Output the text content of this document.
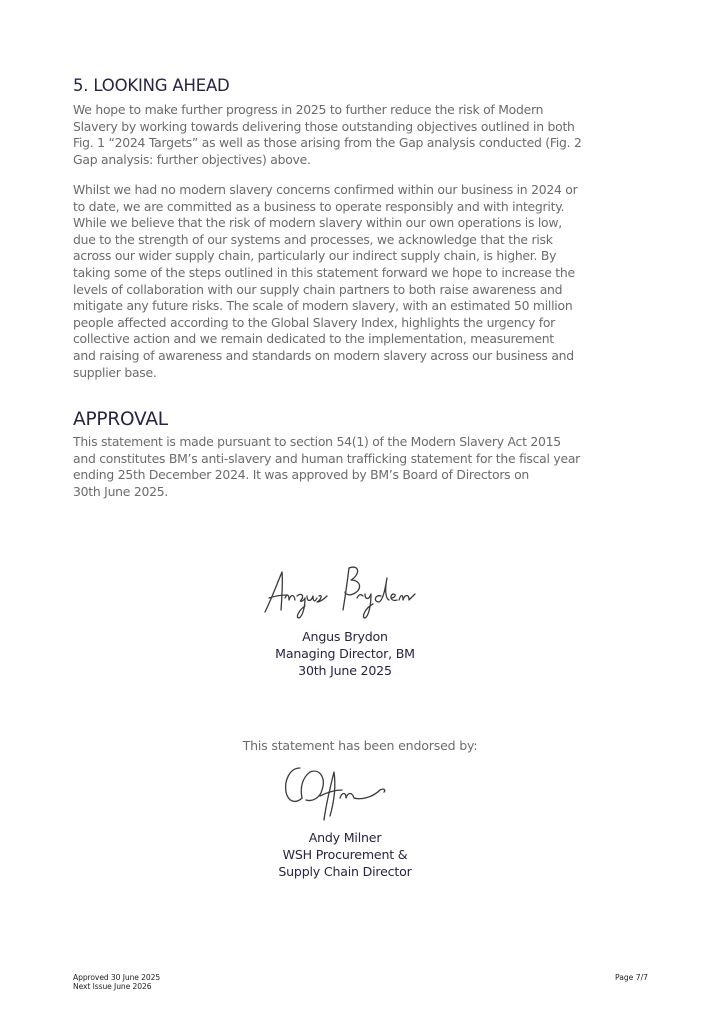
5. LOOKING AHEAD

We hope to make further progress in 2025 to further reduce the risk of Modern
Slavery by working towards delivering those outstanding objectives outlined in both
Fig. 1 “2024 Targets” as well as those arising from the Gap analysis conducted (Fig. 2
Gap analysis: further objectives) above.

Whilst we had no modern slavery concerns confirmed within our business in 2024 or
to date, we are committed as a business to operate responsibly and with integrity.
While we believe that the risk of modern slavery within our own operations is low,
due to the strength of our systems and processes, we acknowledge that the risk
across our wider supply chain, particularly our indirect supply chain, is higher. By
taking some of the steps outlined in this statement forward we hope to increase the
levels of collaboration with our supply chain partners to both raise awareness and
mitigate any future risks. The scale of modern slavery, with an estimated 50 million
people affected according to the Global Slavery Index, highlights the urgency for
collective action and we remain dedicated to the implementation, measurement
and raising of awareness and standards on modern slavery across our business and
supplier base.

APPROVAL

This statement is made pursuant to section 54(1) of the Modern Slavery Act 2015
and constitutes BM’s anti-slavery and human trafficking statement for the fiscal year
ending 25th December 2024. It was approved by BM’s Board of Directors on
30th June 2025.

Angus Brydon
Managing Director, BM
30th June 2025
This statement has been endorsed by:
Andy Milner
WSH Procurement &
Supply Chain Director
Approved 30 June 2025
Next Issue June 2026
Page 7/7
